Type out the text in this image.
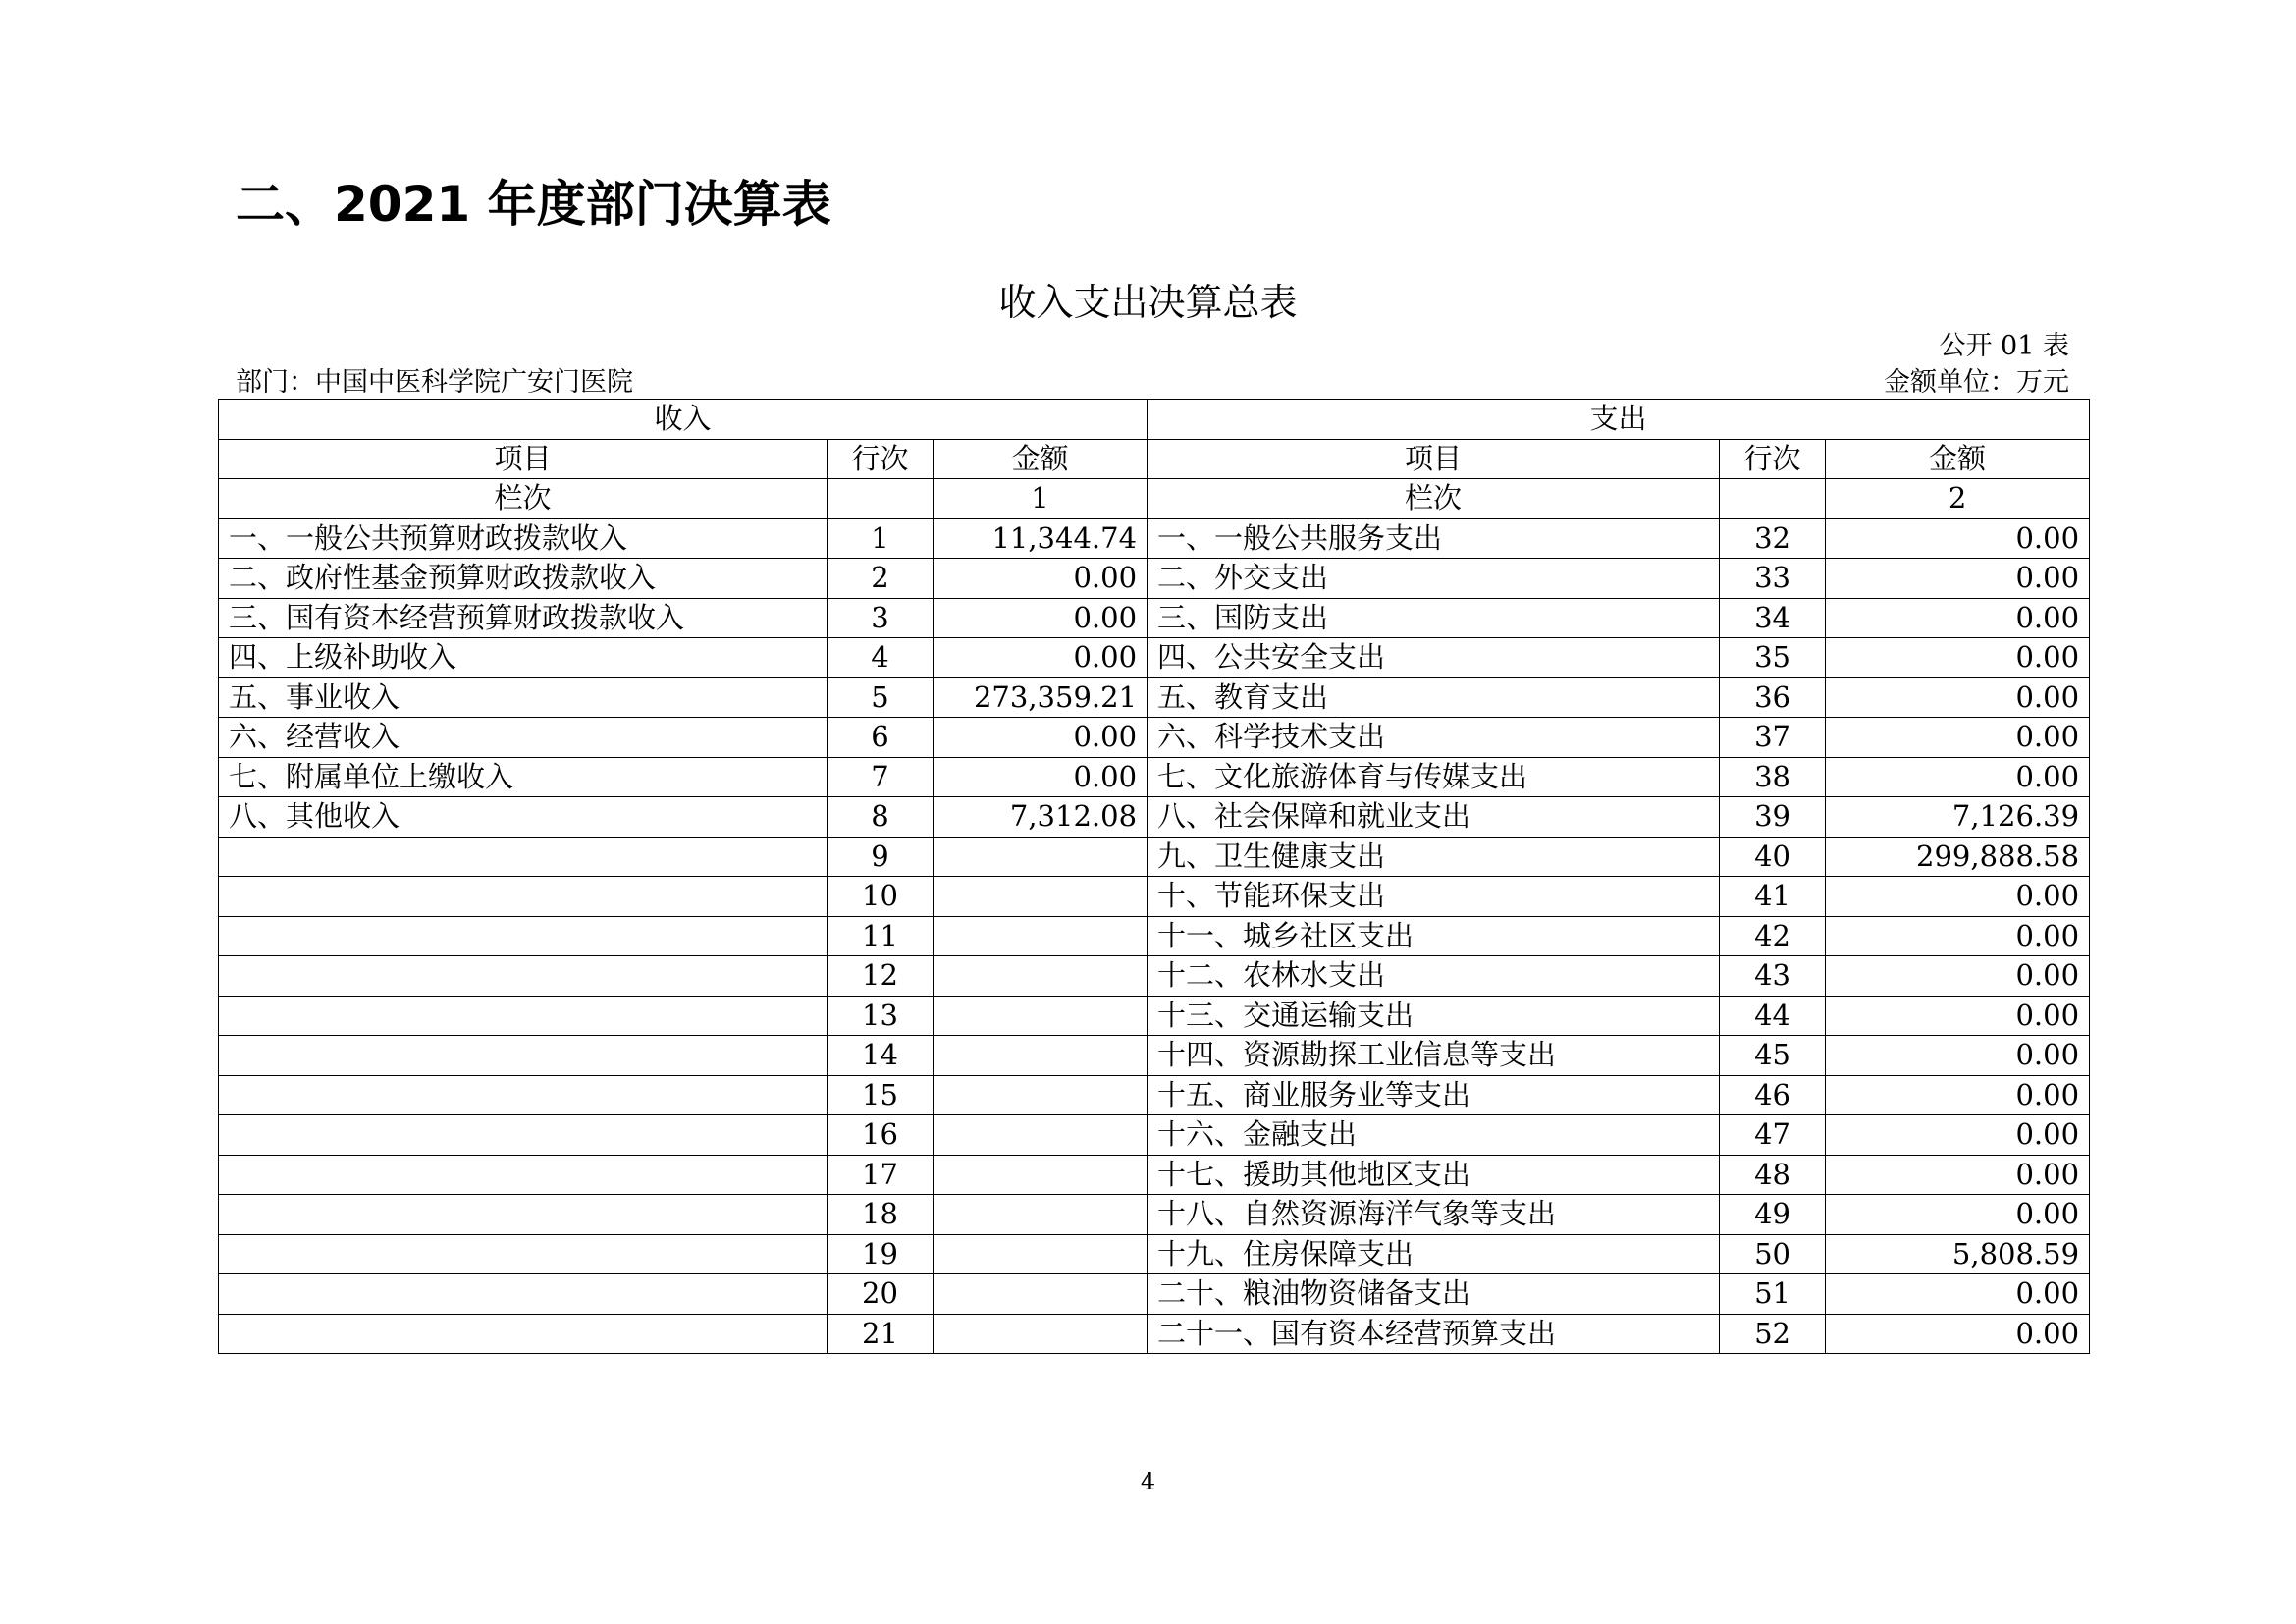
二、2021 年度部门决算表
收入支出决算总表
公开 01 表
部门：中国中医科学院广安门医院	金额单位：万元
收入			支出		
项目	行次	金额	项目	行次	金额
栏次		1	栏次		2
一、一般公共预算财政拨款收入	1	11,344.74	一、一般公共服务支出	32	0.00
二、政府性基金预算财政拨款收入	2	0.00	二、外交支出	33	0.00
三、国有资本经营预算财政拨款收入	3	0.00	三、国防支出	34	0.00
四、上级补助收入	4	0.00	四、公共安全支出	35	0.00
五、事业收入	5	273,359.21	五、教育支出	36	0.00
六、经营收入	6	0.00	六、科学技术支出	37	0.00
七、附属单位上缴收入	7	0.00	七、文化旅游体育与传媒支出	38	0.00
八、其他收入	8	7,312.08	八、社会保障和就业支出	39	7,126.39
	9		九、卫生健康支出	40	299,888.58
	10		十、节能环保支出	41	0.00
	11		十一、城乡社区支出	42	0.00
	12		十二、农林水支出	43	0.00
	13		十三、交通运输支出	44	0.00
	14		十四、资源勘探工业信息等支出	45	0.00
	15		十五、商业服务业等支出	46	0.00
	16		十六、金融支出	47	0.00
	17		十七、援助其他地区支出	48	0.00
	18		十八、自然资源海洋气象等支出	49	0.00
	19		十九、住房保障支出	50	5,808.59
	20		二十、粮油物资储备支出	51	0.00
	21		二十一、国有资本经营预算支出	52	0.00
4
